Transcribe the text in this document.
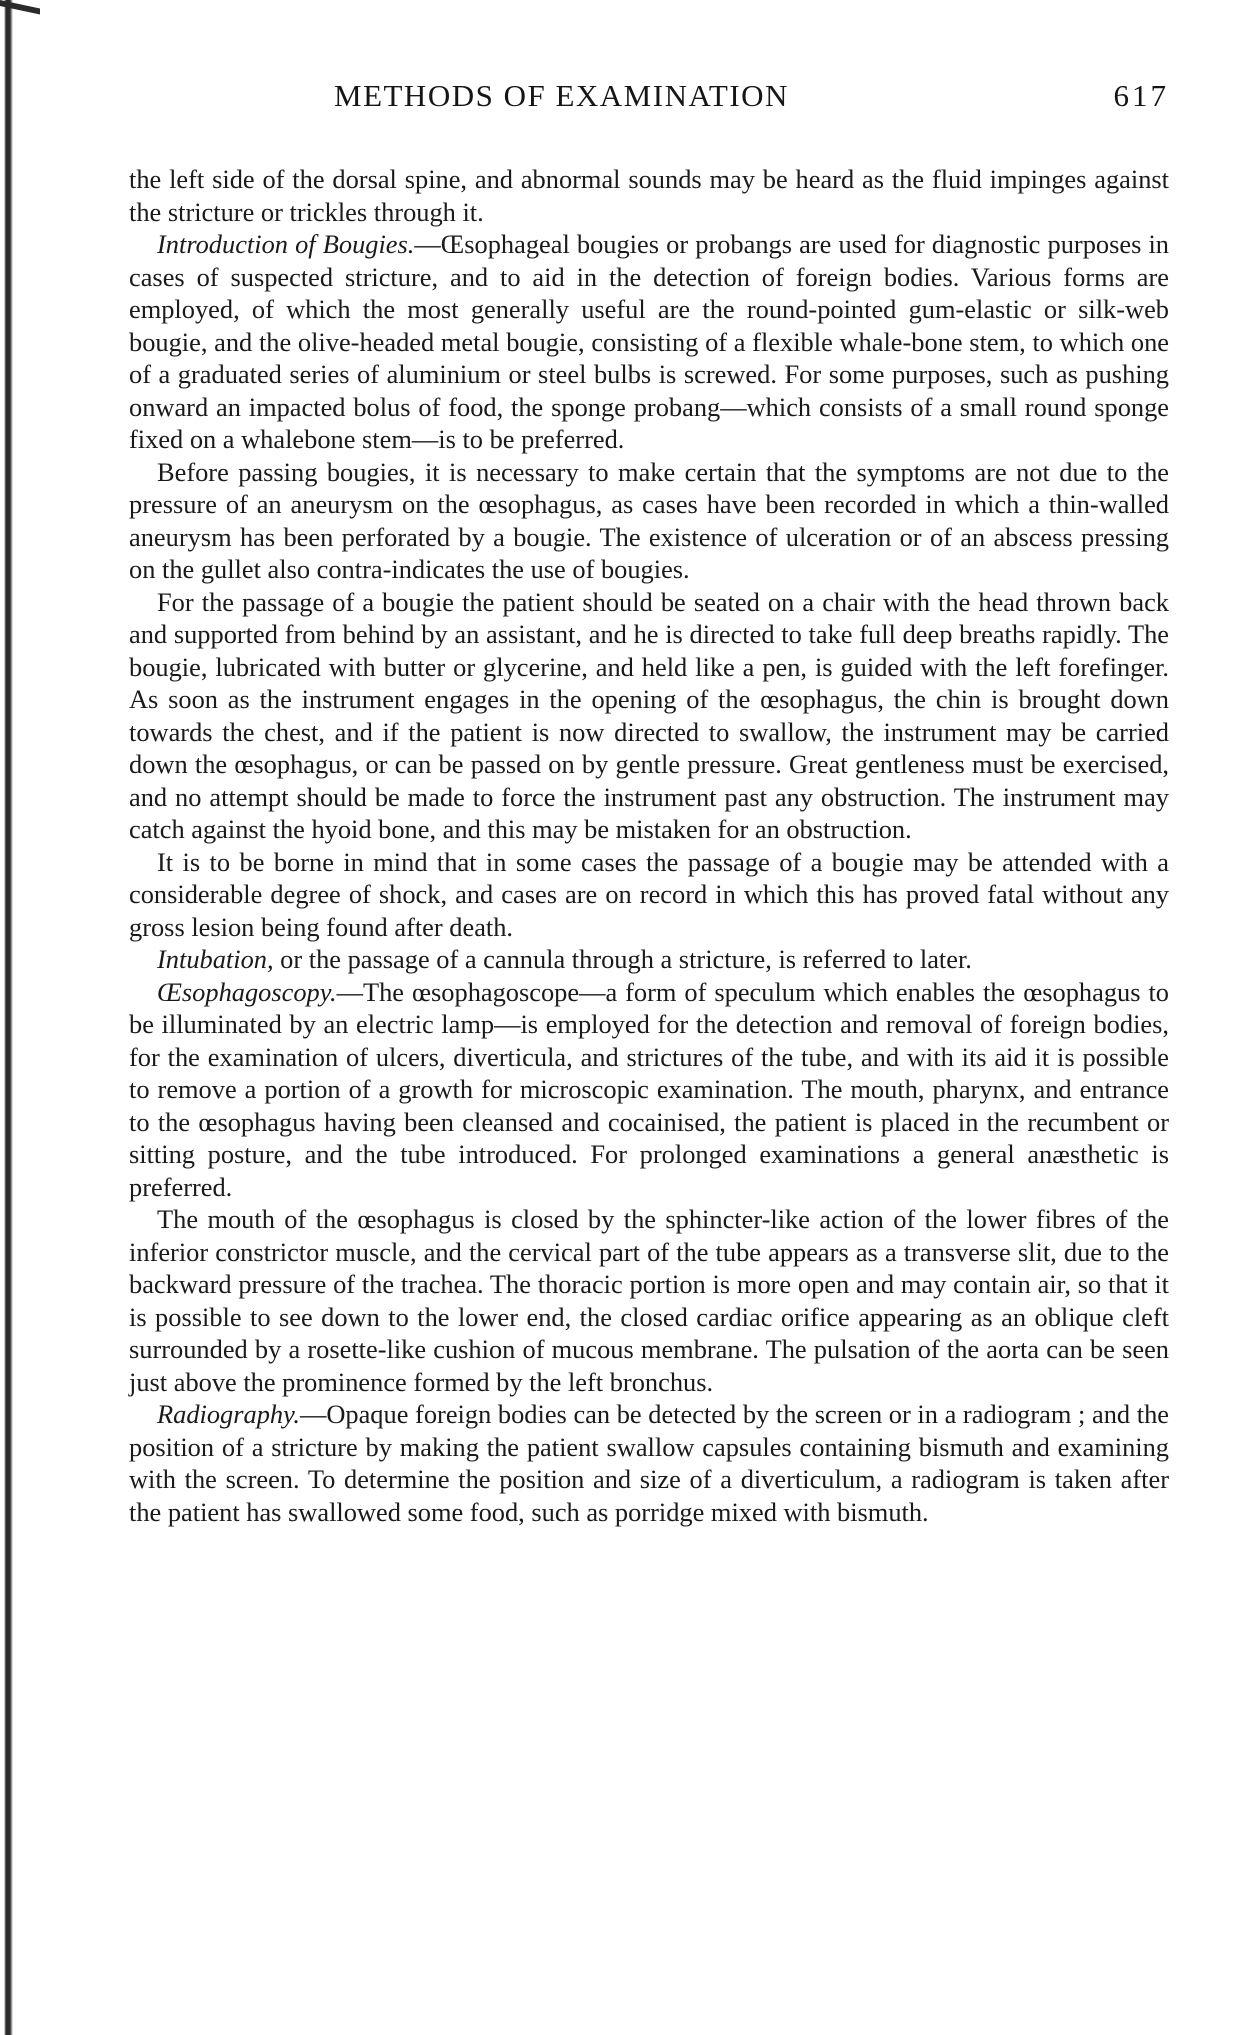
METHODS OF EXAMINATION	617

the left side of the dorsal spine, and abnormal sounds may be heard as the fluid impinges against the stricture or trickles through it.

Introduction of Bougies.—Œsophageal bougies or probangs are used for diagnostic purposes in cases of suspected stricture, and to aid in the detection of foreign bodies. Various forms are employed, of which the most generally useful are the round-pointed gum-elastic or silk-web bougie, and the olive-headed metal bougie, consisting of a flexible whale-bone stem, to which one of a graduated series of aluminium or steel bulbs is screwed. For some purposes, such as pushing onward an impacted bolus of food, the sponge probang—which consists of a small round sponge fixed on a whalebone stem—is to be preferred.

Before passing bougies, it is necessary to make certain that the symptoms are not due to the pressure of an aneurysm on the œsophagus, as cases have been recorded in which a thin-walled aneurysm has been perforated by a bougie. The existence of ulceration or of an abscess pressing on the gullet also contra-indicates the use of bougies.

For the passage of a bougie the patient should be seated on a chair with the head thrown back and supported from behind by an assistant, and he is directed to take full deep breaths rapidly. The bougie, lubricated with butter or glycerine, and held like a pen, is guided with the left forefinger. As soon as the instrument engages in the opening of the œsophagus, the chin is brought down towards the chest, and if the patient is now directed to swallow, the instrument may be carried down the œsophagus, or can be passed on by gentle pressure. Great gentleness must be exercised, and no attempt should be made to force the instrument past any obstruction. The instrument may catch against the hyoid bone, and this may be mistaken for an obstruction.

It is to be borne in mind that in some cases the passage of a bougie may be attended with a considerable degree of shock, and cases are on record in which this has proved fatal without any gross lesion being found after death.

Intubation, or the passage of a cannula through a stricture, is referred to later.

Œsophagoscopy.—The œsophagoscope—a form of speculum which enables the œsophagus to be illuminated by an electric lamp—is employed for the detection and removal of foreign bodies, for the examination of ulcers, diverticula, and strictures of the tube, and with its aid it is possible to remove a portion of a growth for microscopic examination. The mouth, pharynx, and entrance to the œsophagus having been cleansed and cocainised, the patient is placed in the recumbent or sitting posture, and the tube introduced. For prolonged examinations a general anæsthetic is preferred.

The mouth of the œsophagus is closed by the sphincter-like action of the lower fibres of the inferior constrictor muscle, and the cervical part of the tube appears as a transverse slit, due to the backward pressure of the trachea. The thoracic portion is more open and may contain air, so that it is possible to see down to the lower end, the closed cardiac orifice appearing as an oblique cleft surrounded by a rosette-like cushion of mucous membrane. The pulsation of the aorta can be seen just above the prominence formed by the left bronchus.

Radiography.—Opaque foreign bodies can be detected by the screen or in a radiogram ; and the position of a stricture by making the patient swallow capsules containing bismuth and examining with the screen. To determine the position and size of a diverticulum, a radiogram is taken after the patient has swallowed some food, such as porridge mixed with bismuth.
